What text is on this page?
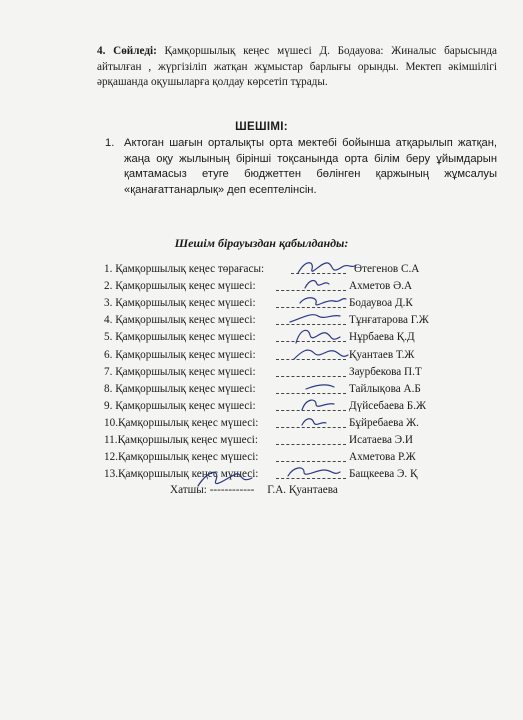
4. Сөйледі: Қамқоршылық кеңес мүшесі Д. Бодауова: Жиналыс барысында айтылған , жүргізіліп жатқан жұмыстар барлығы орынды. Мектеп әкімшілігі әрқашанда оқушыларға қолдау көрсетіп тұрады.
ШЕШІМІ:
1. Актоган шағын орталықты орта мектебі бойынша атқарылып жатқан, жаңа оқу жылының бірінші тоқсанында орта білім беру ұйымдарын қамтамасыз етуге бюджеттен бөлінген қаржының жұмсалуы «қанағаттанарлық» деп есептелінсін.
Шешім бірауыздан қабылданды:
1. Қамқоршылық кеңес төрағасы:	Өтегенов С.А
2. Қамқоршылық кеңес мүшесі:	Ахметов Ә.А
3. Қамқоршылық кеңес мүшесі:	Бодаувоа Д.К
4. Қамқоршылық кеңес мүшесі:	Тұнғатарова Г.Ж
5. Қамқоршылық кеңес мүшесі:	Нұрбаева Қ.Д
6. Қамқоршылық кеңес мүшесі:	Қуантаев Т.Ж
7. Қамқоршылық кеңес мүшесі:	Заурбекова П.Т
8. Қамқоршылық кеңес мүшесі:	Тайлықова А.Б
9. Қамқоршылық кеңес мүшесі:	Дүйсебаева Б.Ж
10.Қамқоршылық кеңес мүшесі:	Бұйребаева Ж.
11.Қамқоршылық кеңес мүшесі:	Исатаева Э.И
12.Қамқоршылық кеңес мүшесі:	Ахметова Р.Ж
13.Қамқоршылық кеңес мүшесі:	Бащкеева Э. Қ
Хатшы: ------------ Г.А. Қуантаева
